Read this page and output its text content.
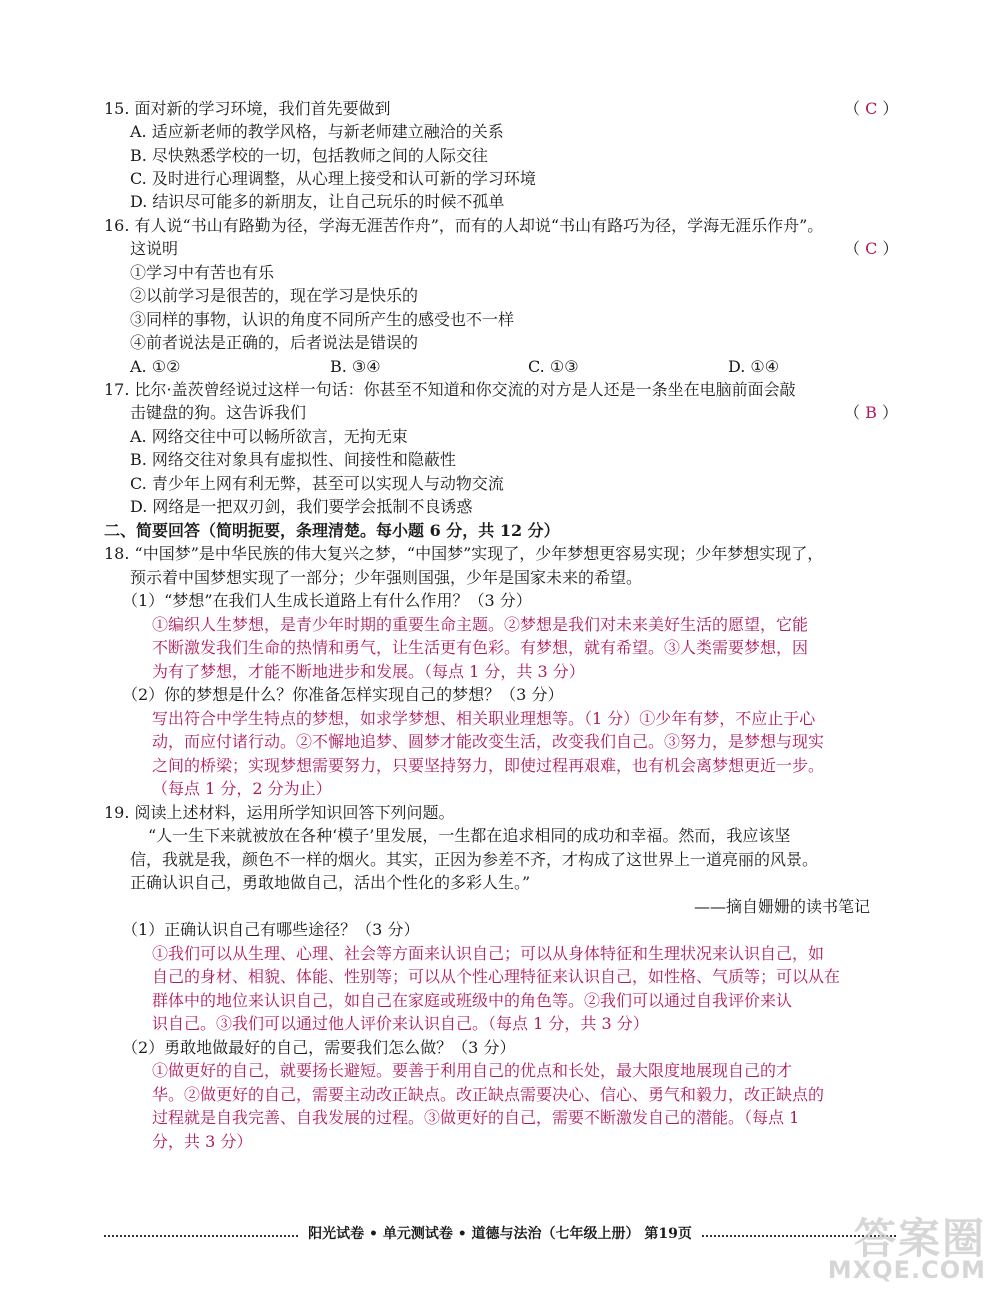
15. 面对新的学习环境，我们首先要做到	（ C ）
A. 适应新老师的教学风格，与新老师建立融洽的关系
B. 尽快熟悉学校的一切，包括教师之间的人际交往
C. 及时进行心理调整，从心理上接受和认可新的学习环境
D. 结识尽可能多的新朋友，让自己玩乐的时候不孤单
16. 有人说“书山有路勤为径，学海无涯苦作舟”，而有的人却说“书山有路巧为径，学海无涯乐作舟”。
这说明	（ C ）
①学习中有苦也有乐
②以前学习是很苦的，现在学习是快乐的
③同样的事物，认识的角度不同所产生的感受也不一样
④前者说法是正确的，后者说法是错误的
A. ①②	B. ③④	C. ①③	D. ①④
17. 比尔·盖茨曾经说过这样一句话：你甚至不知道和你交流的对方是人还是一条坐在电脑前面会敲
击键盘的狗。这告诉我们	（ B ）
A. 网络交往中可以畅所欲言，无拘无束
B. 网络交往对象具有虚拟性、间接性和隐蔽性
C. 青少年上网有利无弊，甚至可以实现人与动物交流
D. 网络是一把双刃剑，我们要学会抵制不良诱惑
二、简要回答（简明扼要，条理清楚。每小题 6 分，共 12 分）
18. “中国梦”是中华民族的伟大复兴之梦，“中国梦”实现了，少年梦想更容易实现；少年梦想实现了，
预示着中国梦想实现了一部分；少年强则国强，少年是国家未来的希望。
（1）“梦想”在我们人生成长道路上有什么作用？（3 分）
①编织人生梦想，是青少年时期的重要生命主题。②梦想是我们对未来美好生活的愿望，它能
不断激发我们生命的热情和勇气，让生活更有色彩。有梦想，就有希望。③人类需要梦想，因
为有了梦想，才能不断地进步和发展。（每点 1 分，共 3 分）
（2）你的梦想是什么？你准备怎样实现自己的梦想？（3 分）
写出符合中学生特点的梦想，如求学梦想、相关职业理想等。（1 分）①少年有梦，不应止于心
动，而应付诸行动。②不懈地追梦、圆梦才能改变生活，改变我们自己。③努力，是梦想与现实
之间的桥梁；实现梦想需要努力，只要坚持努力，即使过程再艰难，也有机会离梦想更近一步。
（每点 1 分，2 分为止）
19. 阅读上述材料，运用所学知识回答下列问题。
“人一生下来就被放在各种‘模子’里发展，一生都在追求相同的成功和幸福。然而，我应该坚
信，我就是我，颜色不一样的烟火。其实，正因为参差不齐，才构成了这世界上一道亮丽的风景。
正确认识自己，勇敢地做自己，活出个性化的多彩人生。”
——摘自姗姗的读书笔记
（1）正确认识自己有哪些途径？（3 分）
①我们可以从生理、心理、社会等方面来认识自己；可以从身体特征和生理状况来认识自己，如
自己的身材、相貌、体能、性别等；可以从个性心理特征来认识自己，如性格、气质等；可以从在
群体中的地位来认识自己，如自己在家庭或班级中的角色等。②我们可以通过自我评价来认
识自己。③我们可以通过他人评价来认识自己。（每点 1 分，共 3 分）
（2）勇敢地做最好的自己，需要我们怎么做？（3 分）
①做更好的自己，就要扬长避短。要善于利用自己的优点和长处，最大限度地展现自己的才
华。②做更好的自己，需要主动改正缺点。改正缺点需要决心、信心、勇气和毅力，改正缺点的
过程就是自我完善、自我发展的过程。③做更好的自己，需要不断激发自己的潜能。（每点 1
分，共 3 分）
阳光试卷 • 单元测试卷 • 道德与法治（七年级上册） 第19页	答案圈
MXQE.COM
